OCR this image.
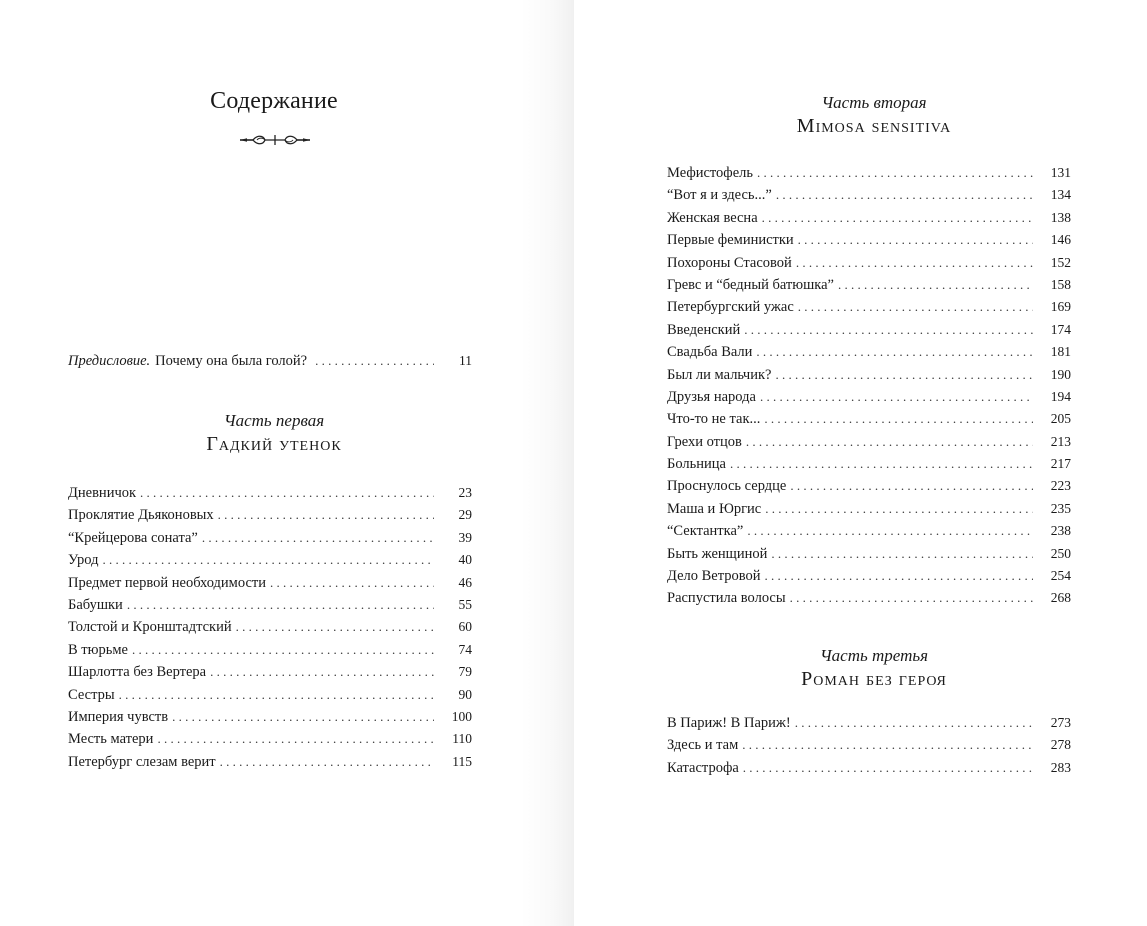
Содержание
Предисловие. Почему она была голой? . . .	11
Часть первая
Гадкий утенок
Дневничок . . .	23
Проклятие Дьяконовых . . .	29
“Крейцерова соната” . . .	39
Урод . . .	40
Предмет первой необходимости . . .	46
Бабушки . . .	55
Толстой и Кронштадтский . . .	60
В тюрьме . . .	74
Шарлотта без Вертера . . .	79
Сестры . . .	90
Империя чувств . . .	100
Месть матери . . .	110
Петербург слезам верит . . .	115
Часть вторая
Mimosa sensitiva
Мефистофель . . .	131
“Вот я и здесь...” . . .	134
Женская весна . . .	138
Первые феминистки . . .	146
Похороны Стасовой . . .	152
Гревс и “бедный батюшка” . . .	158
Петербургский ужас . . .	169
Введенский . . .	174
Свадьба Вали . . .	181
Был ли мальчик? . . .	190
Друзья народа . . .	194
Что-то не так... . . .	205
Грехи отцов . . .	213
Больница . . .	217
Проснулось сердце . . .	223
Маша и Юргис . . .	235
“Сектантка” . . .	238
Быть женщиной . . .	250
Дело Ветровой . . .	254
Распустила волосы . . .	268
Часть третья
Роман без героя
В Париж! В Париж! . . .	273
Здесь и там . . .	278
Катастрофа . . .	283
